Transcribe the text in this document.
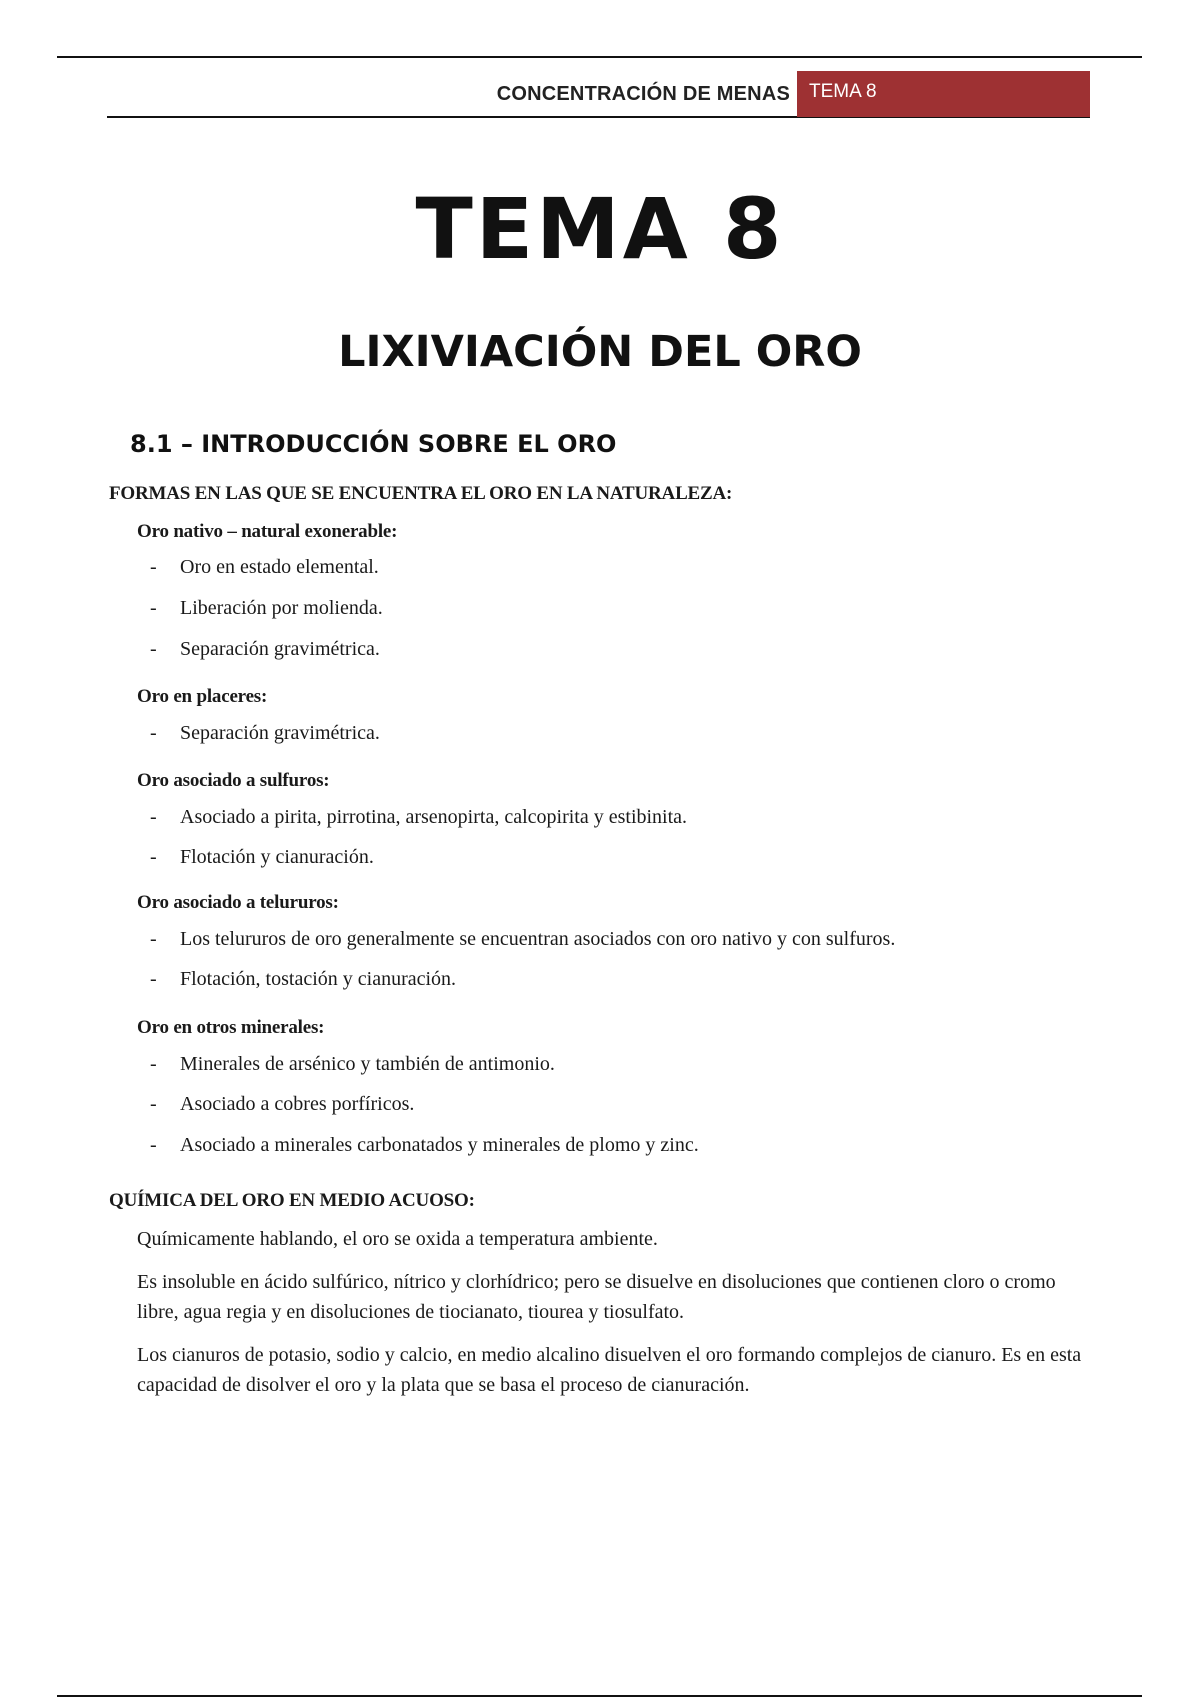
CONCENTRACIÓN DE MENAS	TEMA 8
TEMA 8
LIXIVIACIÓN DEL ORO
8.1 – INTRODUCCIÓN SOBRE EL ORO
FORMAS EN LAS QUE SE ENCUENTRA EL ORO EN LA NATURALEZA:
Oro nativo – natural exonerable:
- Oro en estado elemental.
- Liberación por molienda.
- Separación gravimétrica.
Oro en placeres:
- Separación gravimétrica.
Oro asociado a sulfuros:
- Asociado a pirita, pirrotina, arsenopirta, calcopirita y estibinita.
- Flotación y cianuración.
Oro asociado a telururos:
- Los telururos de oro generalmente se encuentran asociados con oro nativo y con sulfuros.
- Flotación, tostación y cianuración.
Oro en otros minerales:
- Minerales de arsénico y también de antimonio.
- Asociado a cobres porfíricos.
- Asociado a minerales carbonatados y minerales de plomo y zinc.
QUÍMICA DEL ORO EN MEDIO ACUOSO:
Químicamente hablando, el oro se oxida a temperatura ambiente.
Es insoluble en ácido sulfúrico, nítrico y clorhídrico; pero se disuelve en disoluciones que contienen cloro o cromo libre, agua regia y en disoluciones de tiocianato, tiourea y tiosulfato.
Los cianuros de potasio, sodio y calcio, en medio alcalino disuelven el oro formando complejos de cianuro. Es en esta capacidad de disolver el oro y la plata que se basa el proceso de cianuración.
